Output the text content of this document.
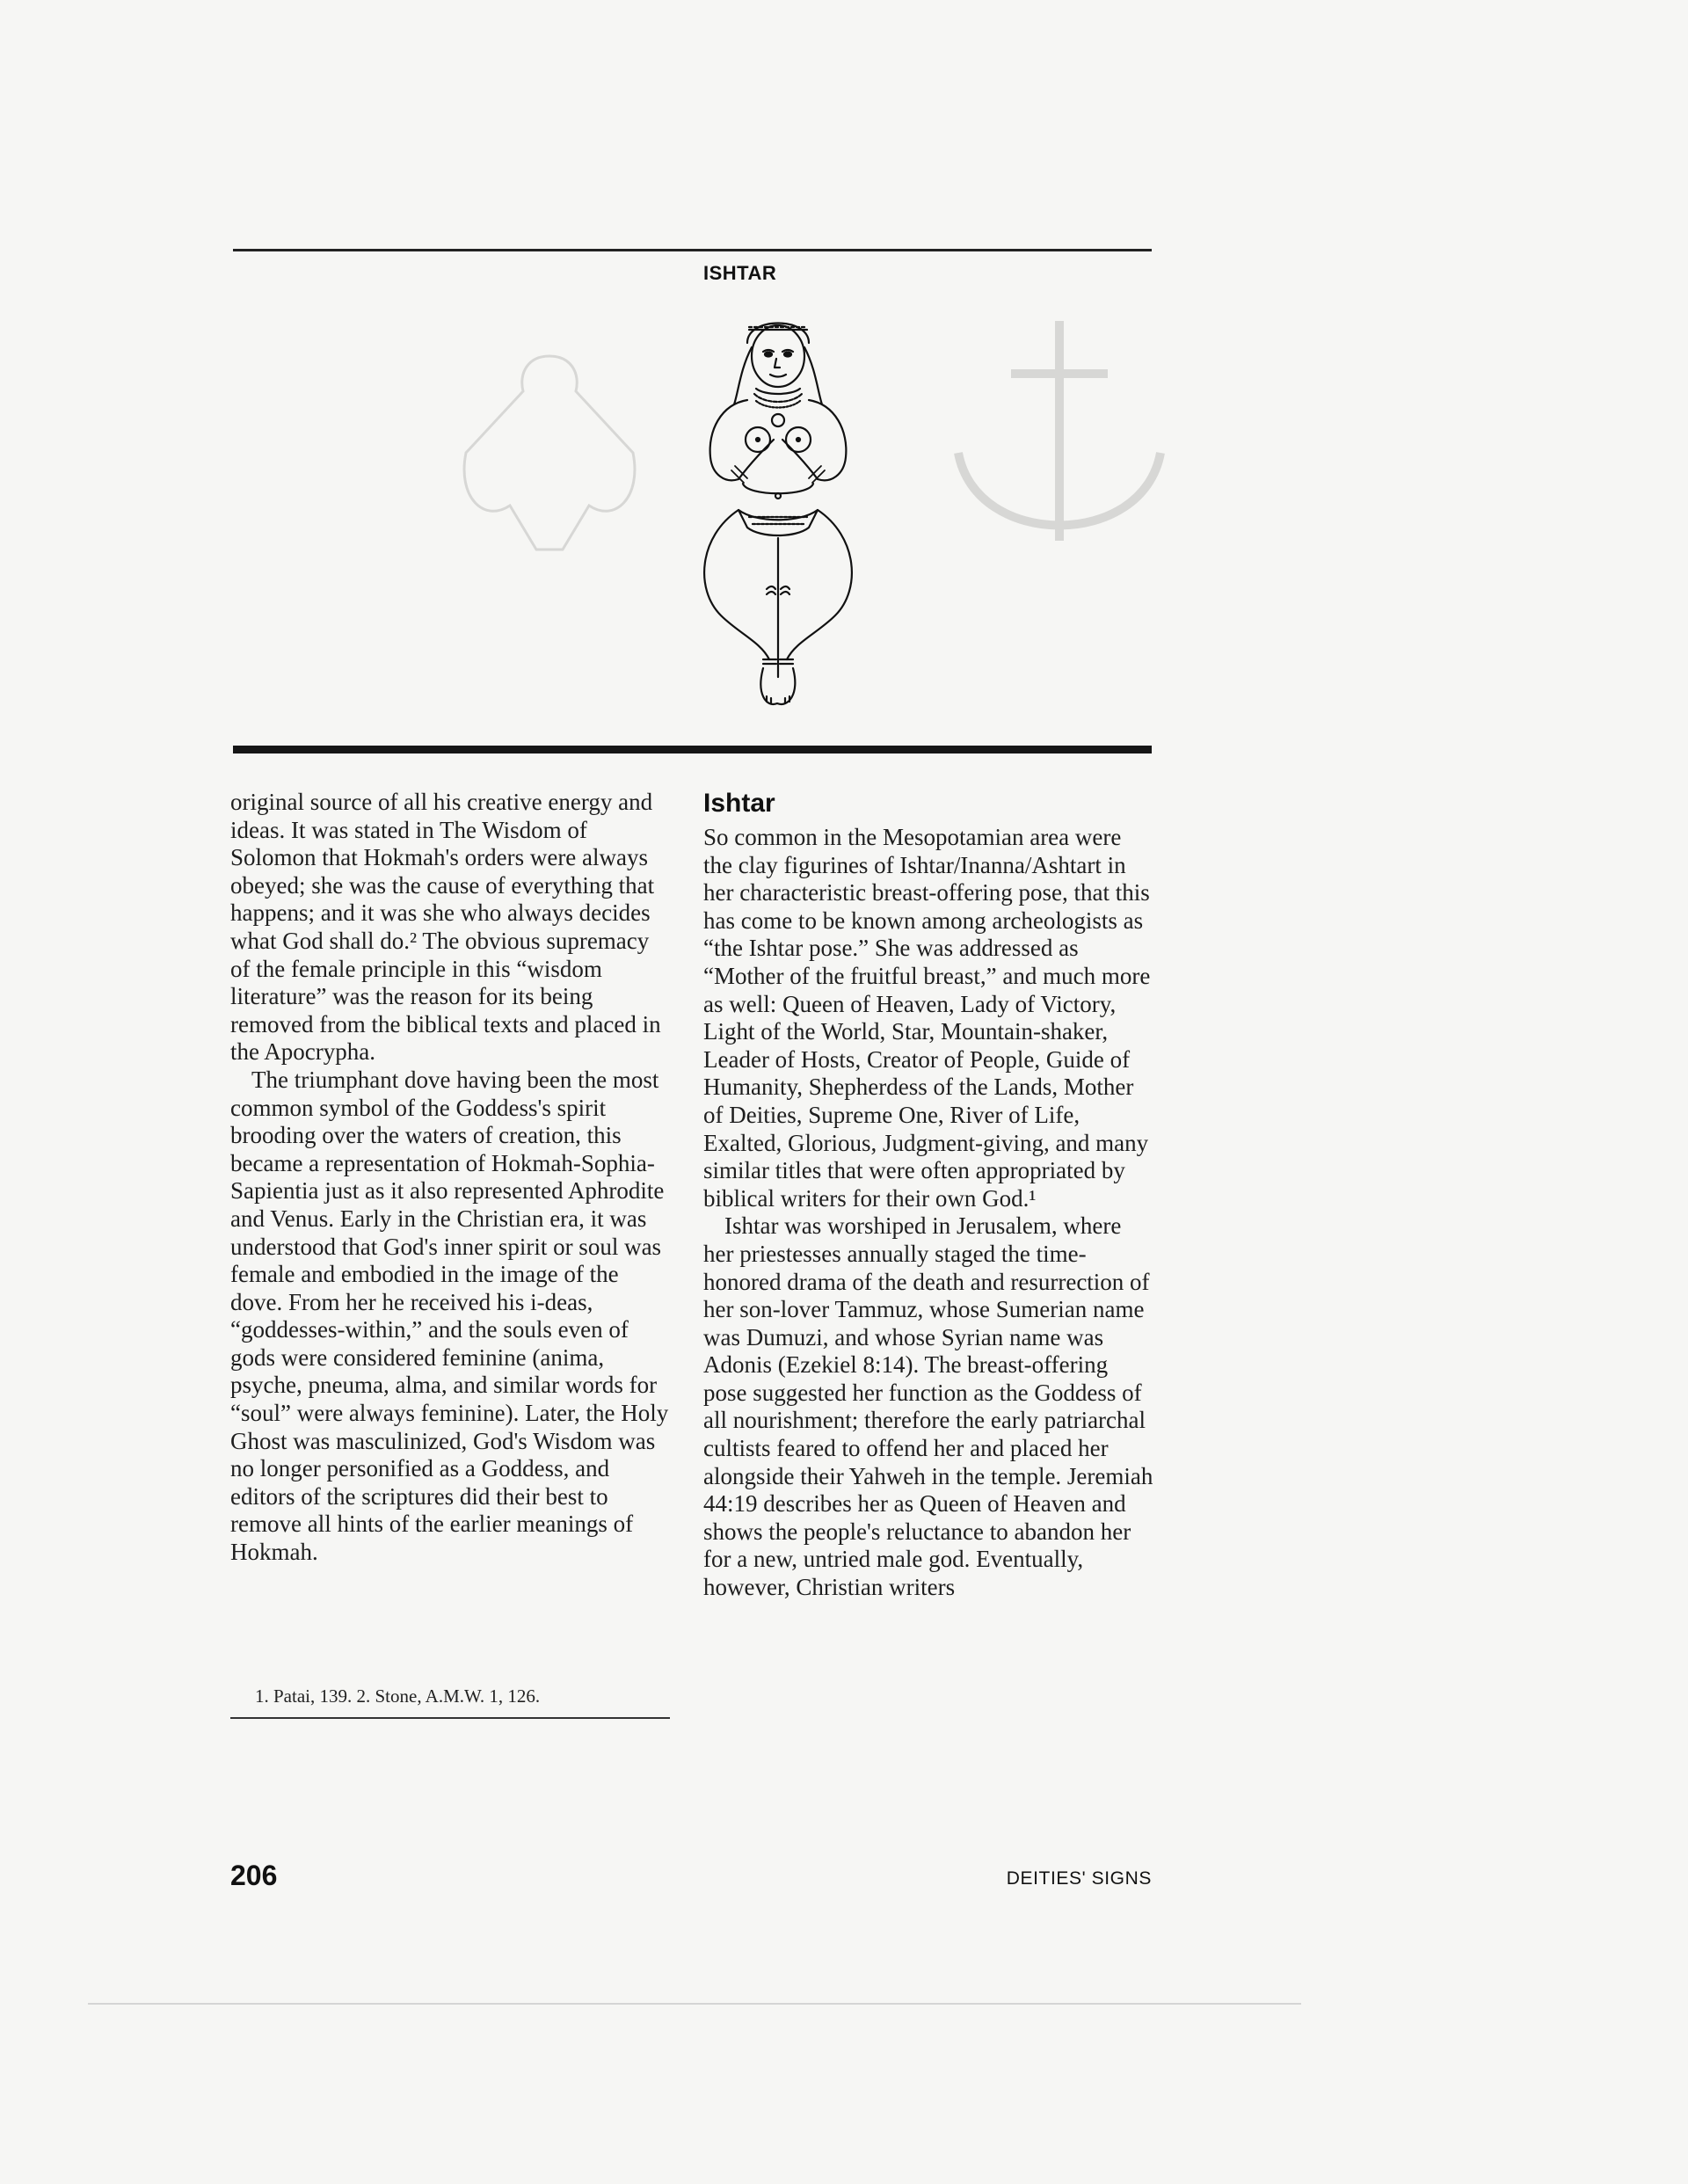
ISHTAR

original source of all his creative energy and ideas. It was stated in The Wisdom of Solomon that Hokmah's orders were always obeyed; she was the cause of everything that happens; and it was she who always decides what God shall do.² The obvious supremacy of the female principle in this “wisdom literature” was the reason for its being removed from the biblical texts and placed in the Apocrypha.

The triumphant dove having been the most common symbol of the Goddess's spirit brooding over the waters of creation, this became a representation of Hokmah-Sophia-Sapientia just as it also represented Aphrodite and Venus. Early in the Christian era, it was understood that God's inner spirit or soul was female and embodied in the image of the dove. From her he received his i-deas, “goddesses-within,” and the souls even of gods were considered feminine (anima, psyche, pneuma, alma, and similar words for “soul” were always feminine). Later, the Holy Ghost was masculinized, God's Wisdom was no longer personified as a Goddess, and editors of the scriptures did their best to remove all hints of the earlier meanings of Hokmah.

1. Patai, 139. 2. Stone, A.M.W. 1, 126.
Ishtar

So common in the Mesopotamian area were the clay figurines of Ishtar/Inanna/Ashtart in her characteristic breast-offering pose, that this has come to be known among archeologists as “the Ishtar pose.” She was addressed as “Mother of the fruitful breast,” and much more as well: Queen of Heaven, Lady of Victory, Light of the World, Star, Mountain-shaker, Leader of Hosts, Creator of People, Guide of Humanity, Shepherdess of the Lands, Mother of Deities, Supreme One, River of Life, Exalted, Glorious, Judgment-giving, and many similar titles that were often appropriated by biblical writers for their own God.¹

Ishtar was worshiped in Jerusalem, where her priestesses annually staged the time-honored drama of the death and resurrection of her son-lover Tammuz, whose Sumerian name was Dumuzi, and whose Syrian name was Adonis (Ezekiel 8:14). The breast-offering pose suggested her function as the Goddess of all nourishment; therefore the early patriarchal cultists feared to offend her and placed her alongside their Yahweh in the temple. Jeremiah 44:19 describes her as Queen of Heaven and shows the people's reluctance to abandon her for a new, untried male god. Eventually, however, Christian writers

206	DEITIES' SIGNS
